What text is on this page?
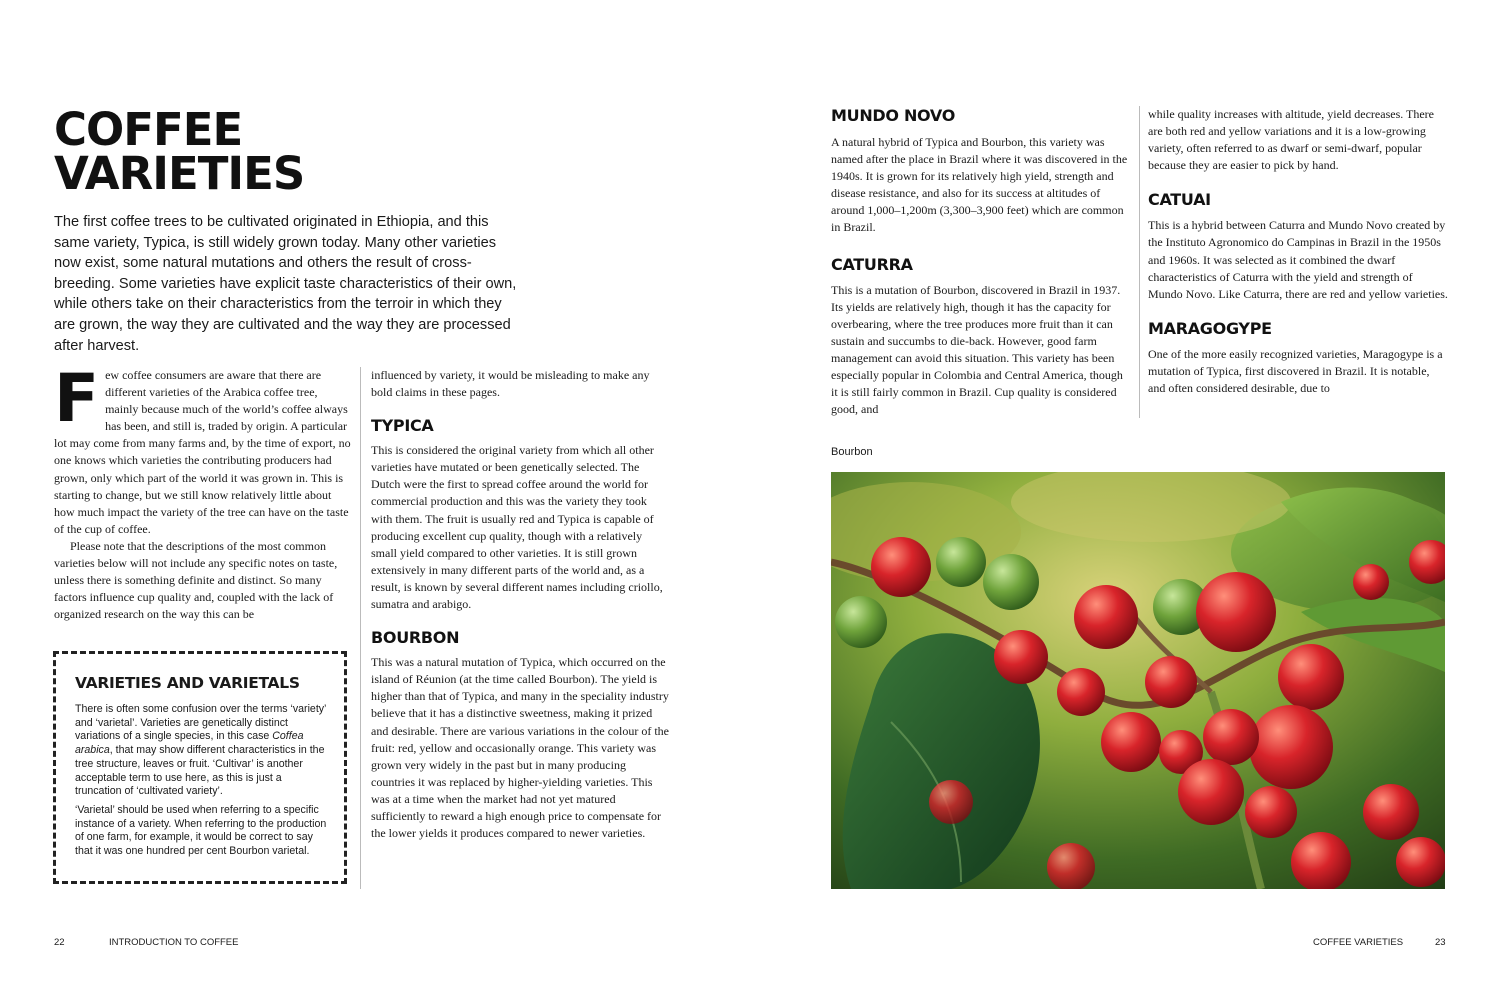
COFFEE
VARIETIES

The first coffee trees to be cultivated originated in Ethiopia, and this same variety, Typica, is still widely grown today. Many other varieties now exist, some natural mutations and others the result of cross-breeding. Some varieties have explicit taste characteristics of their own, while others take on their characteristics from the terroir in which they are grown, the way they are cultivated and the way they are processed after harvest.

Few coffee consumers are aware that there are different varieties of the Arabica coffee tree, mainly because much of the world’s coffee always has been, and still is, traded by origin. A particular lot may come from many farms and, by the time of export, no one knows which varieties the contributing producers had grown, only which part of the world it was grown in. This is starting to change, but we still know relatively little about how much impact the variety of the tree can have on the taste of the cup of coffee.

Please note that the descriptions of the most common varieties below will not include any specific notes on taste, unless there is something definite and distinct. So many factors influence cup quality and, coupled with the lack of organized research on the way this can be

influenced by variety, it would be misleading to make any bold claims in these pages.

TYPICA

This is considered the original variety from which all other varieties have mutated or been genetically selected. The Dutch were the first to spread coffee around the world for commercial production and this was the variety they took with them. The fruit is usually red and Typica is capable of producing excellent cup quality, though with a relatively small yield compared to other varieties. It is still grown extensively in many different parts of the world and, as a result, is known by several different names including criollo, sumatra and arabigo.

BOURBON

This was a natural mutation of Typica, which occurred on the island of Réunion (at the time called Bourbon). The yield is higher than that of Typica, and many in the speciality industry believe that it has a distinctive sweetness, making it prized and desirable. There are various variations in the colour of the fruit: red, yellow and occasionally orange. This variety was grown very widely in the past but in many producing countries it was replaced by higher-yielding varieties. This was at a time when the market had not yet matured sufficiently to reward a high enough price to compensate for the lower yields it produces compared to newer varieties.

VARIETIES AND VARIETALS

There is often some confusion over the terms ‘variety’ and ‘varietal’. Varieties are genetically distinct variations of a single species, in this case Coffea arabica, that may show different characteristics in the tree structure, leaves or fruit. ‘Cultivar’ is another acceptable term to use here, as this is just a truncation of ‘cultivated variety’.

‘Varietal’ should be used when referring to a specific instance of a variety. When referring to the production of one farm, for example, it would be correct to say that it was one hundred per cent Bourbon varietal.

22	INTRODUCTION TO COFFEE

MUNDO NOVO

A natural hybrid of Typica and Bourbon, this variety was named after the place in Brazil where it was discovered in the 1940s. It is grown for its relatively high yield, strength and disease resistance, and also for its success at altitudes of around 1,000–1,200m (3,300–3,900 feet) which are common in Brazil.

CATURRA

This is a mutation of Bourbon, discovered in Brazil in 1937. Its yields are relatively high, though it has the capacity for overbearing, where the tree produces more fruit than it can sustain and succumbs to die-back. However, good farm management can avoid this situation. This variety has been especially popular in Colombia and Central America, though it is still fairly common in Brazil. Cup quality is considered good, and

while quality increases with altitude, yield decreases. There are both red and yellow variations and it is a low-growing variety, often referred to as dwarf or semi-dwarf, popular because they are easier to pick by hand.

CATUAI

This is a hybrid between Caturra and Mundo Novo created by the Instituto Agronomico do Campinas in Brazil in the 1950s and 1960s. It was selected as it combined the dwarf characteristics of Caturra with the yield and strength of Mundo Novo. Like Caturra, there are red and yellow varieties.

MARAGOGYPE

One of the more easily recognized varieties, Maragogype is a mutation of Typica, first discovered in Brazil. It is notable, and often considered desirable, due to

Bourbon

COFFEE VARIETIES	23
